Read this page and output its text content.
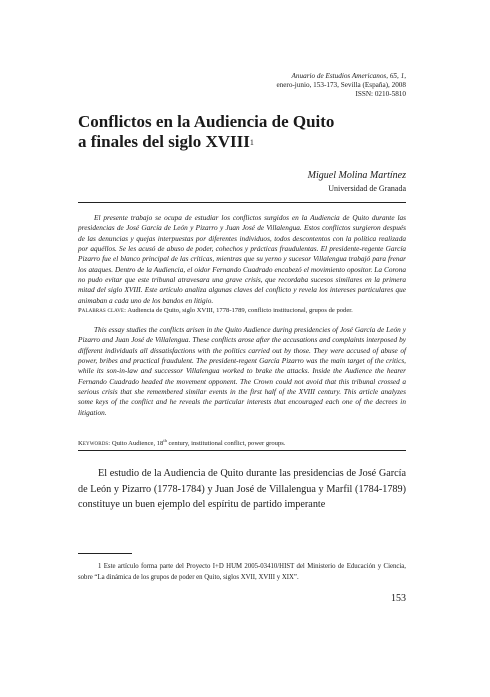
Anuario de Estudios Americanos, 65, 1,
enero-junio, 153-173, Sevilla (España), 2008
ISSN: 0210-5810
Conflictos en la Audiencia de Quito
a finales del siglo XVIII$^1$
Miguel Molina Martínez
Universidad de Granada

El presente trabajo se ocupa de estudiar los conflictos surgidos en la Audiencia de Quito durante las presidencias de José García de León y Pizarro y Juan José de Villalengua. Estos conflictos surgieron después de las denuncias y quejas interpuestas por diferentes individuos, todos descontentos con la política realizada por aquéllos. Se les acusó de abuso de poder, cohechos y prácticas fraudulentas. El presidente-regente García Pizarro fue el blanco principal de las críticas, mientras que su yerno y sucesor Villalengua trabajó para frenar los ataques. Dentro de la Audiencia, el oidor Fernando Cuadrado encabezó el movimiento opositor. La Corona no pudo evitar que este tribunal atravesara una grave crisis, que recordaba sucesos similares en la primera mitad del siglo XVIII. Este artículo analiza algunas claves del conflicto y revela los intereses particulares que animaban a cada uno de los bandos en litigio.

Palabras clave: Audiencia de Quito, siglo XVIII, 1778-1789, conflicto institucional, grupos de poder.

This essay studies the conflicts arisen in the Quito Audience during presidencies of José García de León y Pizarro and Juan José de Villalengua. These conflicts arose after the accusations and complaints interposed by different individuals all dissatisfactions with the politics carried out by those. They were accused of abuse of power, bribes and practical fraudulent. The president-regent García Pizarro was the main target of the critics, while its son-in-law and successor Villalengua worked to brake the attacks. Inside the Audience the hearer Fernando Cuadrado headed the movement opponent. The Crown could not avoid that this tribunal crossed a serious crisis that she remembered similar events in the first half of the XVIII century. This article analyzes some keys of the conflict and he reveals the particular interests that encouraged each one of the decrees in litigation.

Keywords: Quito Audience, 18th century, institutional conflict, power groups.

El estudio de la Audiencia de Quito durante las presidencias de José García de León y Pizarro (1778-1784) y Juan José de Villalengua y Marfil (1784-1789) constituye un buen ejemplo del espíritu de partido imperante

1 Este artículo forma parte del Proyecto I+D HUM 2005-03410/HIST del Ministerio de Educación y Ciencia, sobre “La dinámica de los grupos de poder en Quito, siglos XVII, XVIII y XIX”.

153
